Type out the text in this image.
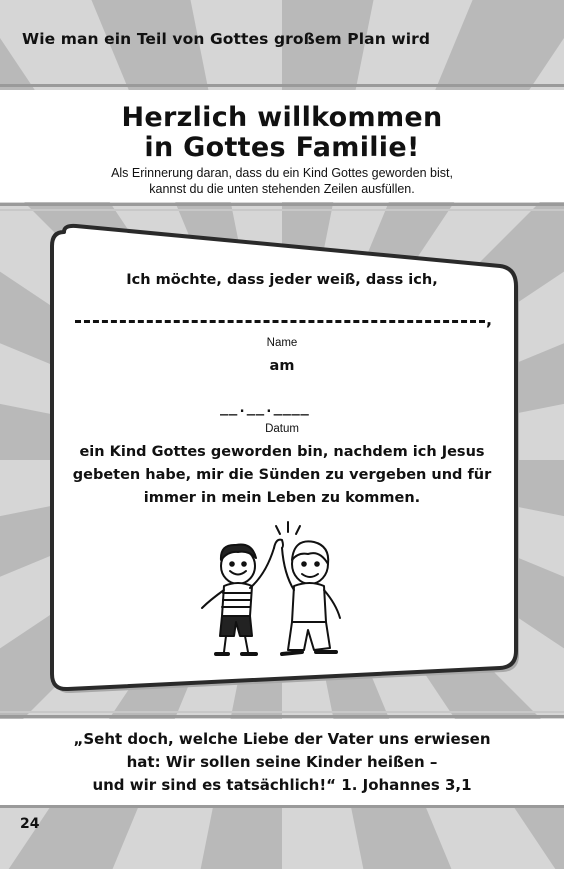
Wie man ein Teil von Gottes großem Plan wird
Herzlich willkommen
in Gottes Familie!
Als Erinnerung daran, dass du ein Kind Gottes geworden bist,
kannst du die unten stehenden Zeilen ausfüllen.
Ich möchte, dass jeder weiß, dass ich,
,
Name
am
__.__.____
Datum
ein Kind Gottes geworden bin, nachdem ich Jesus
gebeten habe, mir die Sünden zu vergeben und für
immer in mein Leben zu kommen.
„Seht doch, welche Liebe der Vater uns erwiesen
hat: Wir sollen seine Kinder heißen –
und wir sind es tatsächlich!“ 1. Johannes 3,1
24
